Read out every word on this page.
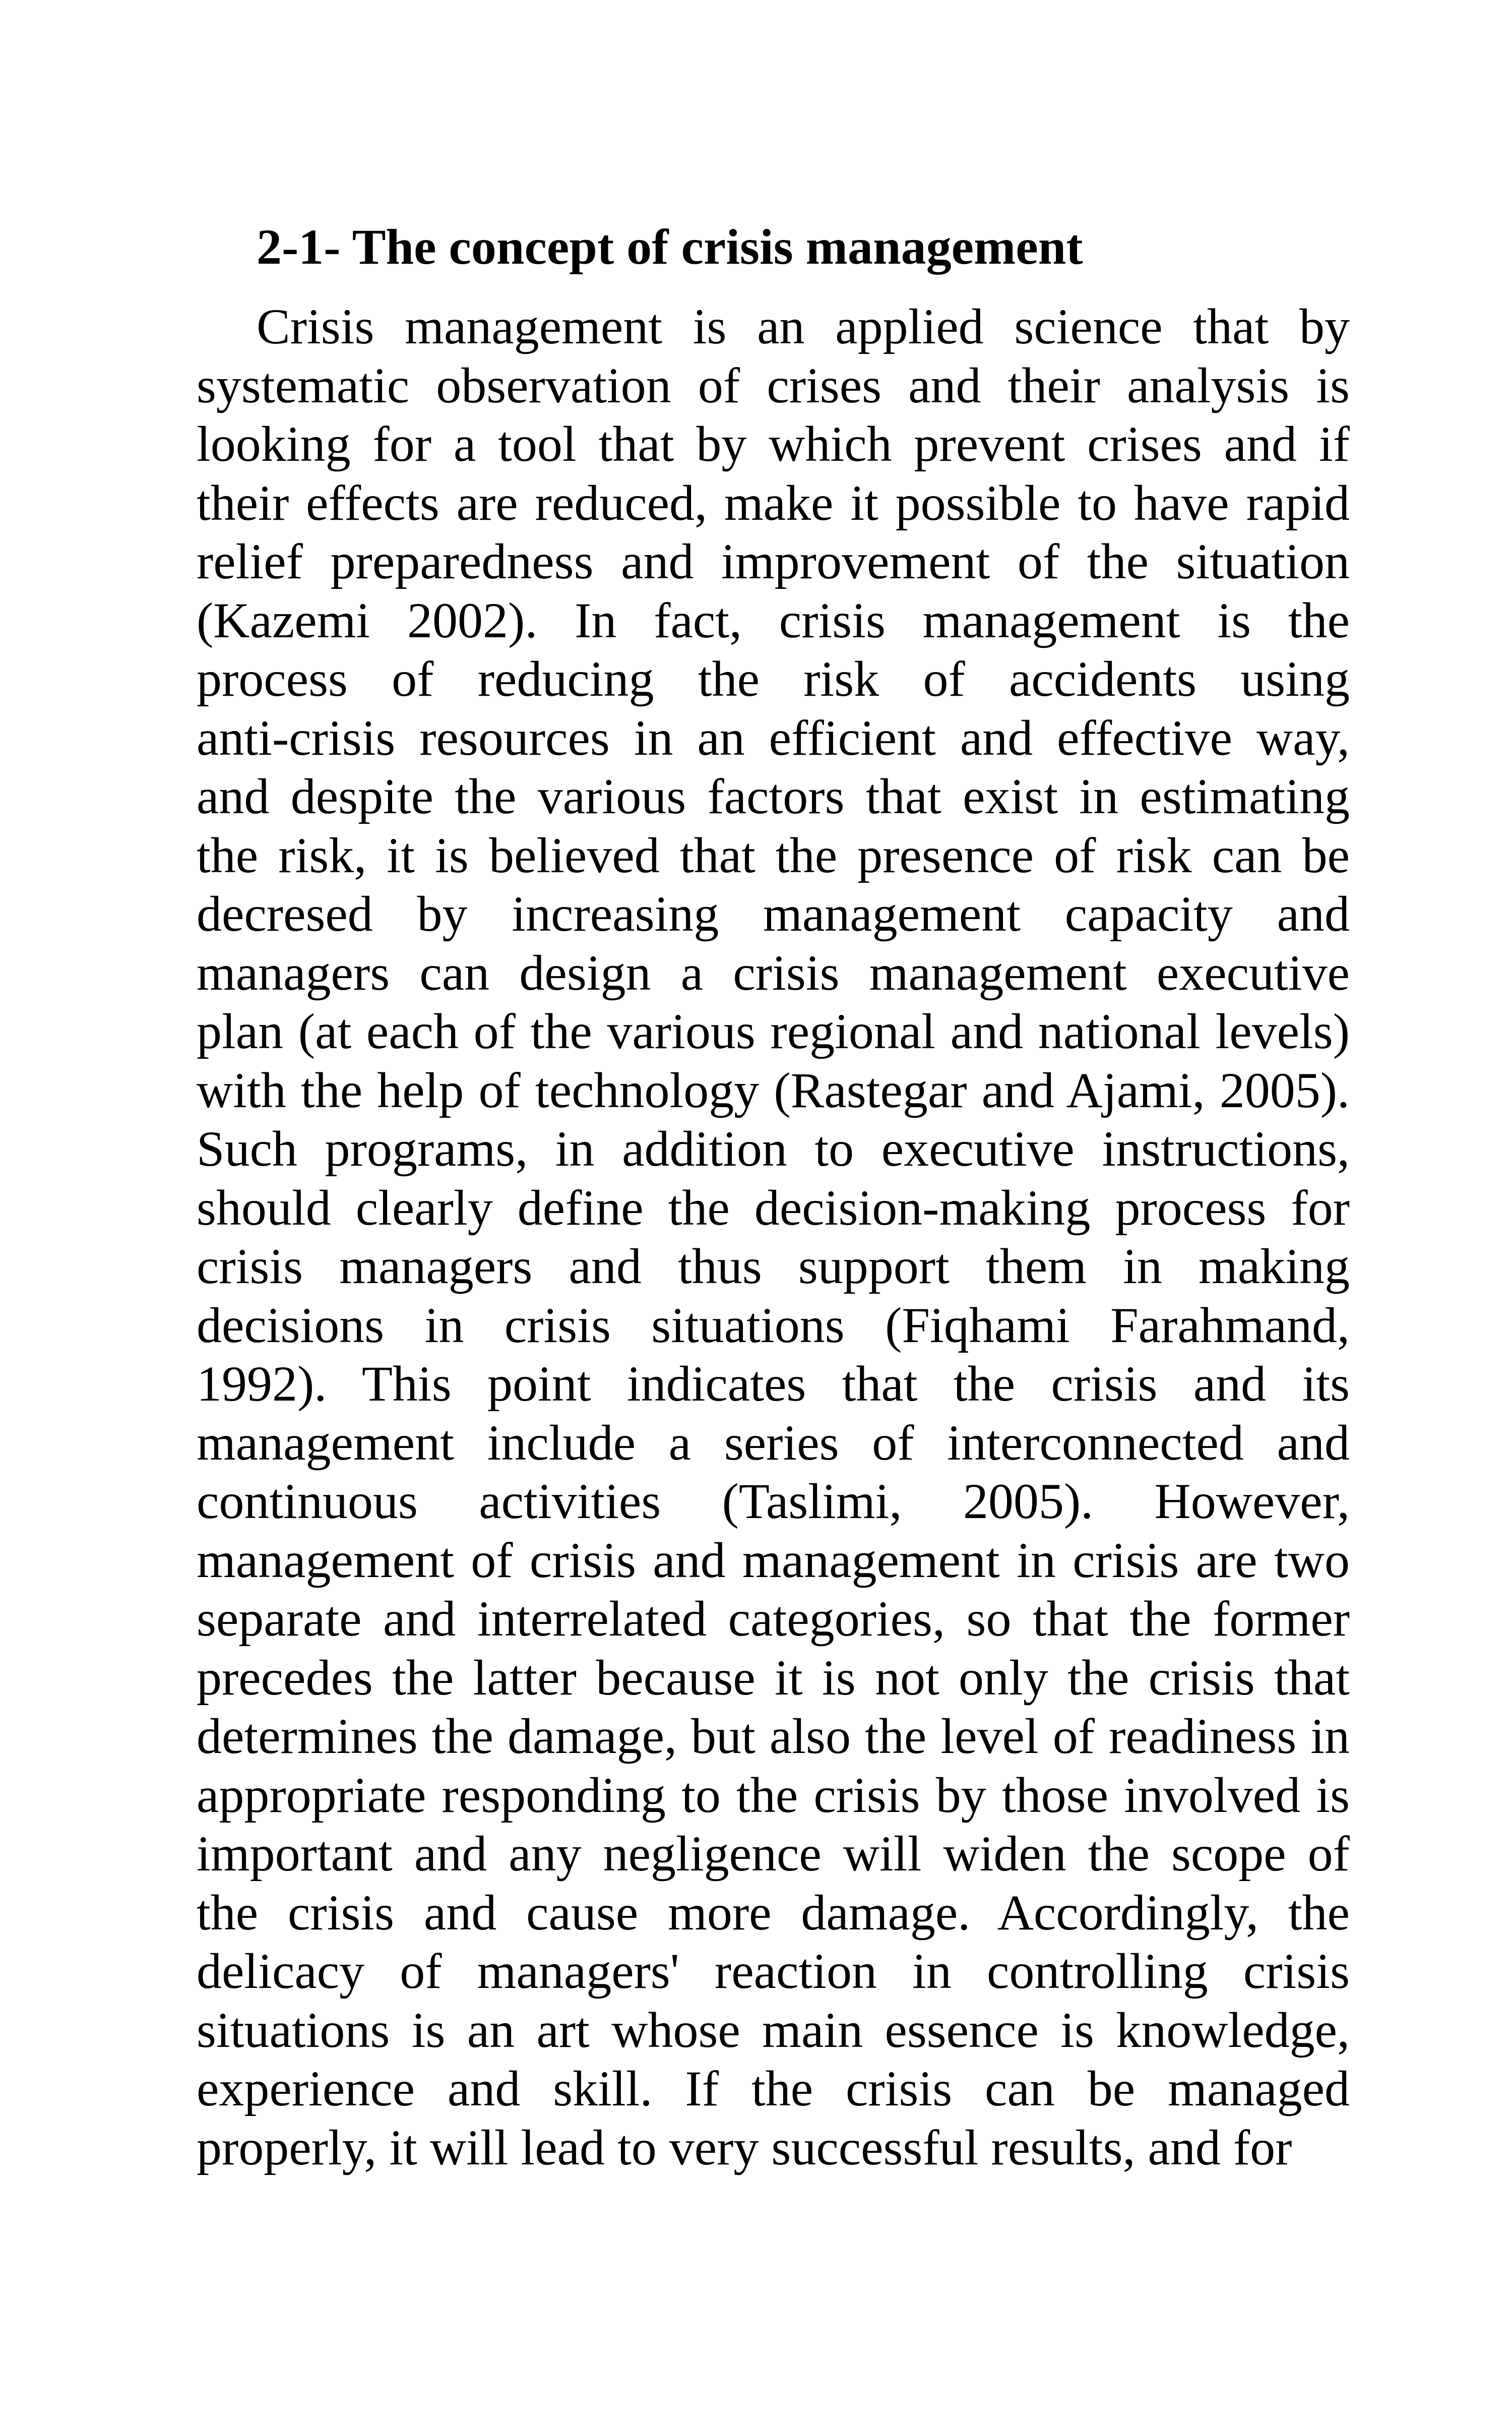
2-1- The concept of crisis management
Crisis management is an applied science that by
systematic observation of crises and their analysis is
looking for a tool that by which prevent crises and if
their effects are reduced, make it possible to have rapid
relief preparedness and improvement of the situation
(Kazemi 2002). In fact, crisis management is the
process of reducing the risk of accidents using
anti-crisis resources in an efficient and effective way,
and despite the various factors that exist in estimating
the risk, it is believed that the presence of risk can be
decresed by increasing management capacity and
managers can design a crisis management executive
plan (at each of the various regional and national levels)
with the help of technology (Rastegar and Ajami, 2005).
Such programs, in addition to executive instructions,
should clearly define the decision-making process for
crisis managers and thus support them in making
decisions in crisis situations (Fiqhami Farahmand,
1992). This point indicates that the crisis and its
management include a series of interconnected and
continuous activities (Taslimi, 2005). However,
management of crisis and management in crisis are two
separate and interrelated categories, so that the former
precedes the latter because it is not only the crisis that
determines the damage, but also the level of readiness in
appropriate responding to the crisis by those involved is
important and any negligence will widen the scope of
the crisis and cause more damage. Accordingly, the
delicacy of managers' reaction in controlling crisis
situations is an art whose main essence is knowledge,
experience and skill. If the crisis can be managed
properly, it will lead to very successful results, and for
